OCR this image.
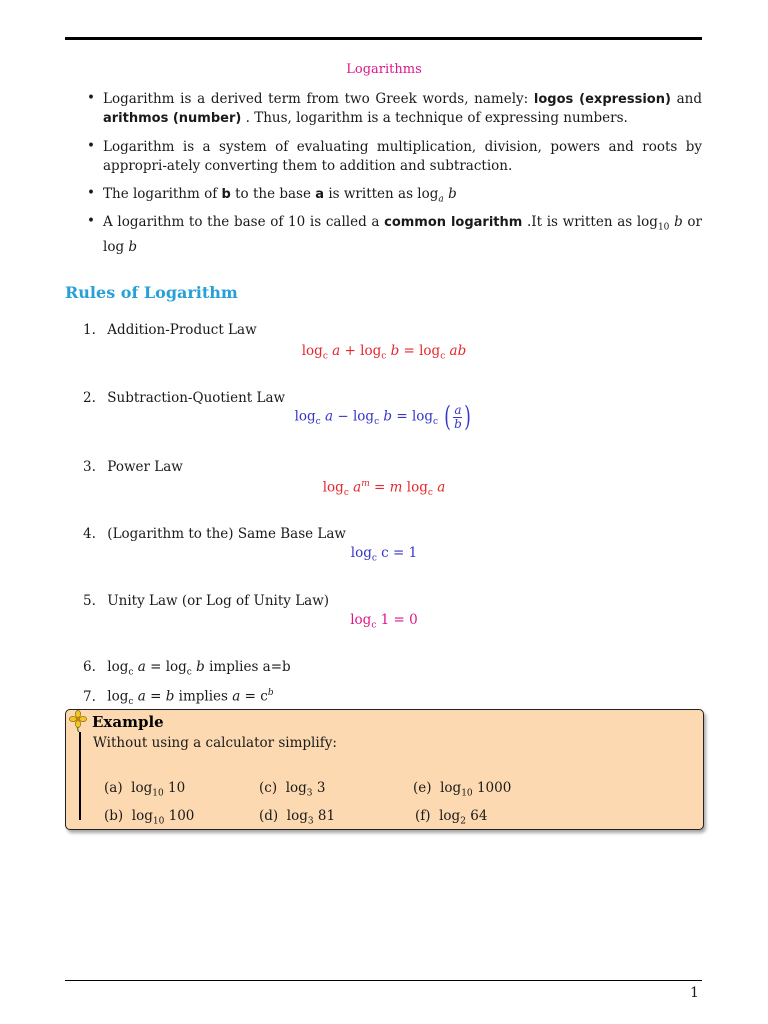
Logarithms
• Logarithm is a derived term from two Greek words, namely: logos (expression) and arithmos (number) . Thus, logarithm is a technique of expressing numbers.
• Logarithm is a system of evaluating multiplication, division, powers and roots by appropri-ately converting them to addition and subtraction.
• The logarithm of b to the base a is written as $\log_a b$
• A logarithm to the base of 10 is called a common logarithm .It is written as $\log_{10} b$ or log b
Rules of Logarithm
1. Addition-Product Law
$\log_c a + \log_c b = \log_c$ ab
2. Subtraction-Quotient Law
$\log_c a - \log_c b = \log_c$ ( $\frac{a}{b}$ )
3. Power Law
$\log_c a^m = m$ $\log_c a$
4. (Logarithm to the) Same Base Law
$\log_c c = 1$
5. Unity Law (or Log of Unity Law)
$\log_c 1 = 0$
6. $\log_c a = \log_c b$ implies a=b
7. $\log_c a = b$ implies $a = c^b$
Example
Without using a calculator simplify:
(a)  $\log_{10} 10$
(b)  $\log_{10} 100$
(c)  $\log_3 3$
(d)  $\log_3 81$
(e)  $\log_{10} 1000$
(f)  $\log_2 64$
1
